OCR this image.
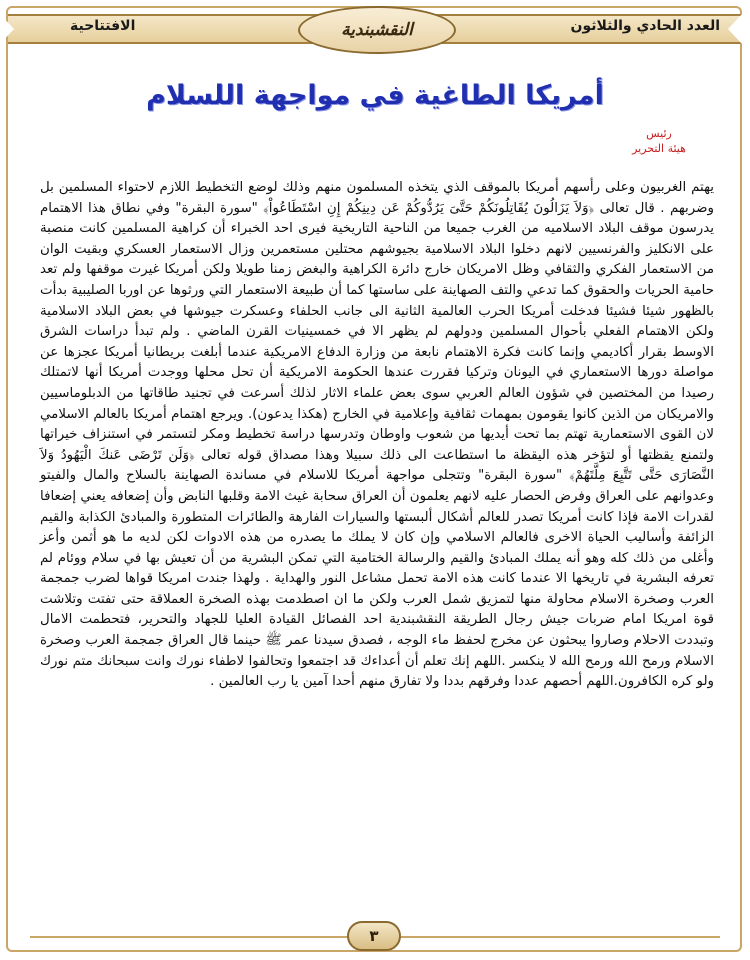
العدد الحادي والثلاثون
الافتتاحية	النقشبندية
أمريكا الطاغية في مواجهة اللسلام
رئيس
هيئة التحرير

يهتم الغربيون وعلى رأسهم أمريكا بالموقف الذي يتخذه المسلمون منهم وذلك لوضع التخطيط اللازم لاحتواء المسلمين بل وضربهم . قال تعالى ﴿وَلاَ يَزَالُونَ يُقَاتِلُونَكُمْ حَتَّىَ يَرُدُّوكُمْ عَن دِينِكُمْ إِنِ اسْتَطَاعُواْ﴾ "سورة البقرة" وفي نطاق هذا الاهتمام يدرسون موقف البلاد الاسلاميه من الغرب جميعا من الناحية التاريخية فيرى احد الخبراء أن كراهية المسلمين كانت منصبة على الانكليز والفرنسيين لانهم دخلوا البلاد الاسلامية بجيوشهم محتلين مستعمرين وزال الاستعمار العسكري وبقيت الوان من الاستعمار الفكري والثقافي وظل الامريكان خارج دائرة الكراهية والبغض زمنا طويلا ولكن أمريكا غيرت موقفها ولم تعد حامية الحريات والحقوق كما تدعي والتف الصهاينة على ساستها كما أن طبيعة الاستعمار التي ورثوها عن اوربا الصليبية بدأت بالظهور شيئا فشيئا فدخلت أمريكا الحرب العالمية الثانية الى جانب الحلفاء وعسكرت جيوشها في بعض البلاد الاسلامية ولكن الاهتمام الفعلي بأحوال المسلمين ودولهم لم يظهر الا في خمسينيات القرن الماضي . ولم تبدأ دراسات الشرق الاوسط بقرار أكاديمي وإنما كانت فكرة الاهتمام نابعة من وزارة الدفاع الامريكية عندما أبلغت بريطانيا أمريكا عجزها عن مواصلة دورها الاستعماري في اليونان وتركيا فقررت عندها الحكومة الامريكية أن تحل محلها ووجدت أمريكا أنها لاتمتلك رصيدا من المختصين في شؤون العالم العربي سوى بعض علماء الاثار لذلك أسرعت في تجنيد طاقاتها من الدبلوماسيين والامريكان من الذين كانوا يقومون بمهمات ثقافية وإعلامية في الخارج (هكذا يدعون). ويرجع اهتمام أمريكا بالعالم الاسلامي لان القوى الاستعمارية تهتم بما تحت أيديها من شعوب واوطان وتدرسها دراسة تخطيط ومكر لتستمر في استنزاف خيراتها ولتمنع يقظتها أو لتؤخر هذه اليقظة ما استطاعت الى ذلك سبيلا وهذا مصداق قوله تعالى ﴿وَلَن تَرْضَى عَنكَ الْيَهُودُ وَلاَ النَّصَارَى حَتَّى تَتَّبِعَ مِلَّتَهُمْ﴾ "سورة البقرة" وتتجلى مواجهة أمريكا للاسلام في مساندة الصهاينة بالسلاح والمال والفيتو وعدوانهم على العراق وفرض الحصار عليه لانهم يعلمون أن العراق سحابة غيث الامة وقلبها النابض وأن إضعافه يعني إضعافا لقدرات الامة فإذا كانت أمريكا تصدر للعالم أشكال ألبستها والسيارات الفارهة والطائرات المتطورة والمبادئ الكذابة والقيم الزائفة وأساليب الحياة الاخرى فالعالم الاسلامي وإن كان لا يملك ما يصدره من هذه الادوات لكن لديه ما هو أثمن وأعز وأغلى من ذلك كله وهو أنه يملك المبادئ والقيم والرسالة الختامية التي تمكن البشرية من أن تعيش بها في سلام ووئام لم تعرفه البشرية في تاريخها الا عندما كانت هذه الامة تحمل مشاعل النور والهداية . ولهذا جندت امريكا قواها لضرب جمجمة العرب وصخرة الاسلام محاولة منها لتمزيق شمل العرب ولكن ما ان اصطدمت بهذه الصخرة العملاقة حتى تفتت وتلاشت قوة امريكا امام ضربات جيش رجال الطريقة النقشبندية احد الفصائل القيادة العليا للجهاد والتحرير، فتحطمت الامال وتبددت الاحلام وصاروا يبحثون عن مخرج لحفظ ماء الوجه ، فصدق سيدنا عمر ﷺ حينما قال العراق جمجمة العرب وصخرة الاسلام ورمح الله ورمح الله لا ينكسر .اللهم إنك تعلم أن أعداءك قد اجتمعوا وتحالفوا لاطفاء نورك وانت سبحانك متم نورك ولو كره الكافرون.اللهم أحصهم عددا وفرقهم بددا ولا تفارق منهم أحدا آمين يا رب العالمين .

٣
